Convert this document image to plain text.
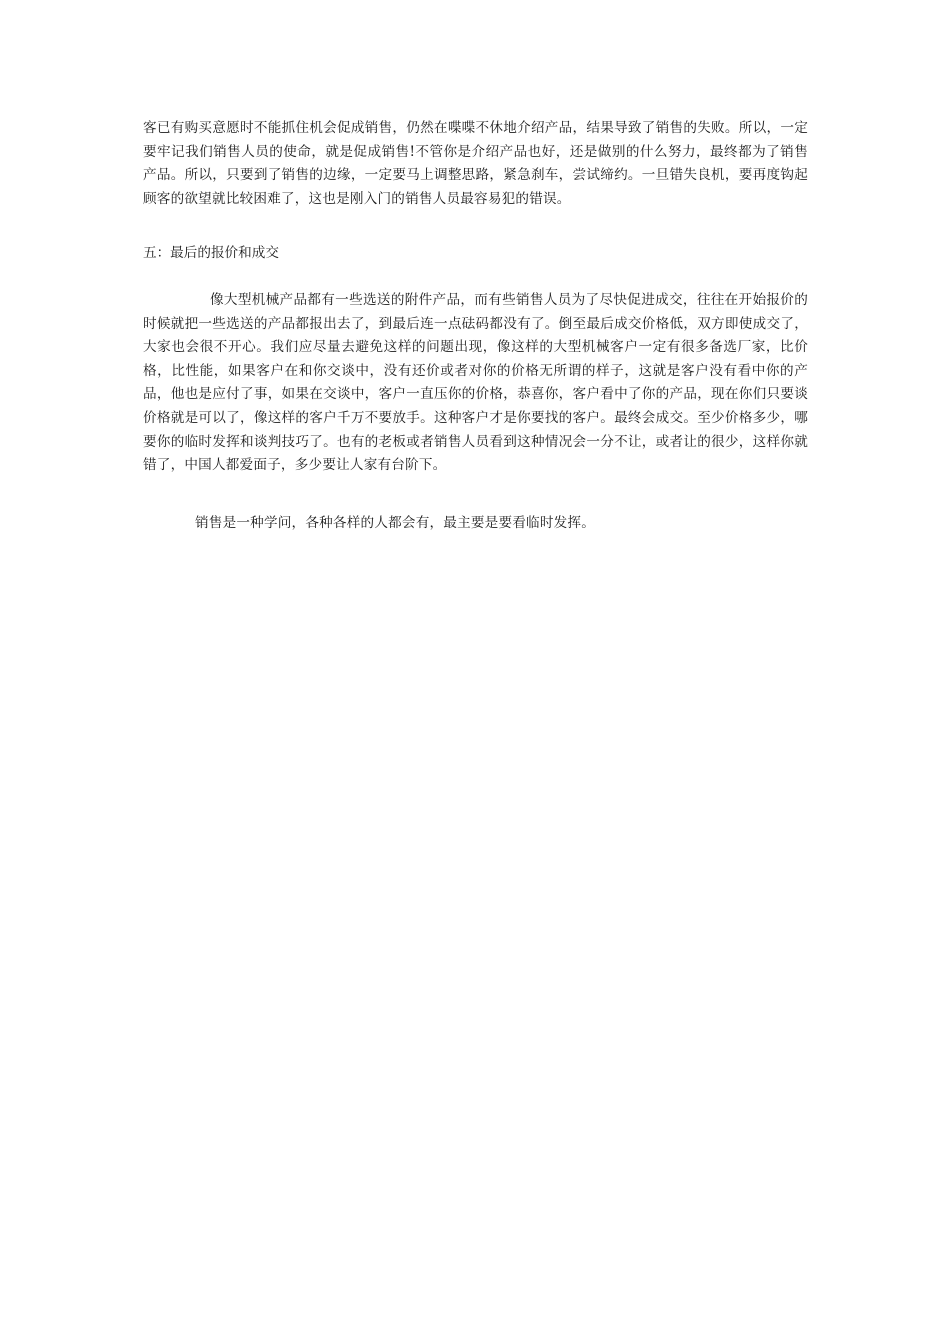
客已有购买意愿时不能抓住机会促成销售，仍然在喋喋不休地介绍产品，结果导致了销售的失败。所以，一定要牢记我们销售人员的使命，就是促成销售!不管你是介绍产品也好，还是做别的什么努力，最终都为了销售产品。所以，只要到了销售的边缘，一定要马上调整思路，紧急刹车，尝试缔约。一旦错失良机，要再度钩起顾客的欲望就比较困难了，这也是刚入门的销售人员最容易犯的错误。

五：最后的报价和成交

像大型机械产品都有一些选送的附件产品，而有些销售人员为了尽快促进成交，往往在开始报价的时候就把一些选送的产品都报出去了，到最后连一点砝码都没有了。倒至最后成交价格低，双方即使成交了，大家也会很不开心。我们应尽量去避免这样的问题出现，像这样的大型机械客户一定有很多备选厂家，比价格，比性能，如果客户在和你交谈中，没有还价或者对你的价格无所谓的样子，这就是客户没有看中你的产品，他也是应付了事，如果在交谈中，客户一直压你的价格，恭喜你，客户看中了你的产品，现在你们只要谈价格就是可以了，像这样的客户千万不要放手。这种客户才是你要找的客户。最终会成交。至少价格多少，哪要你的临时发挥和谈判技巧了。也有的老板或者销售人员看到这种情况会一分不让，或者让的很少，这样你就错了，中国人都爱面子，多少要让人家有台阶下。

销售是一种学问，各种各样的人都会有，最主要是要看临时发挥。
